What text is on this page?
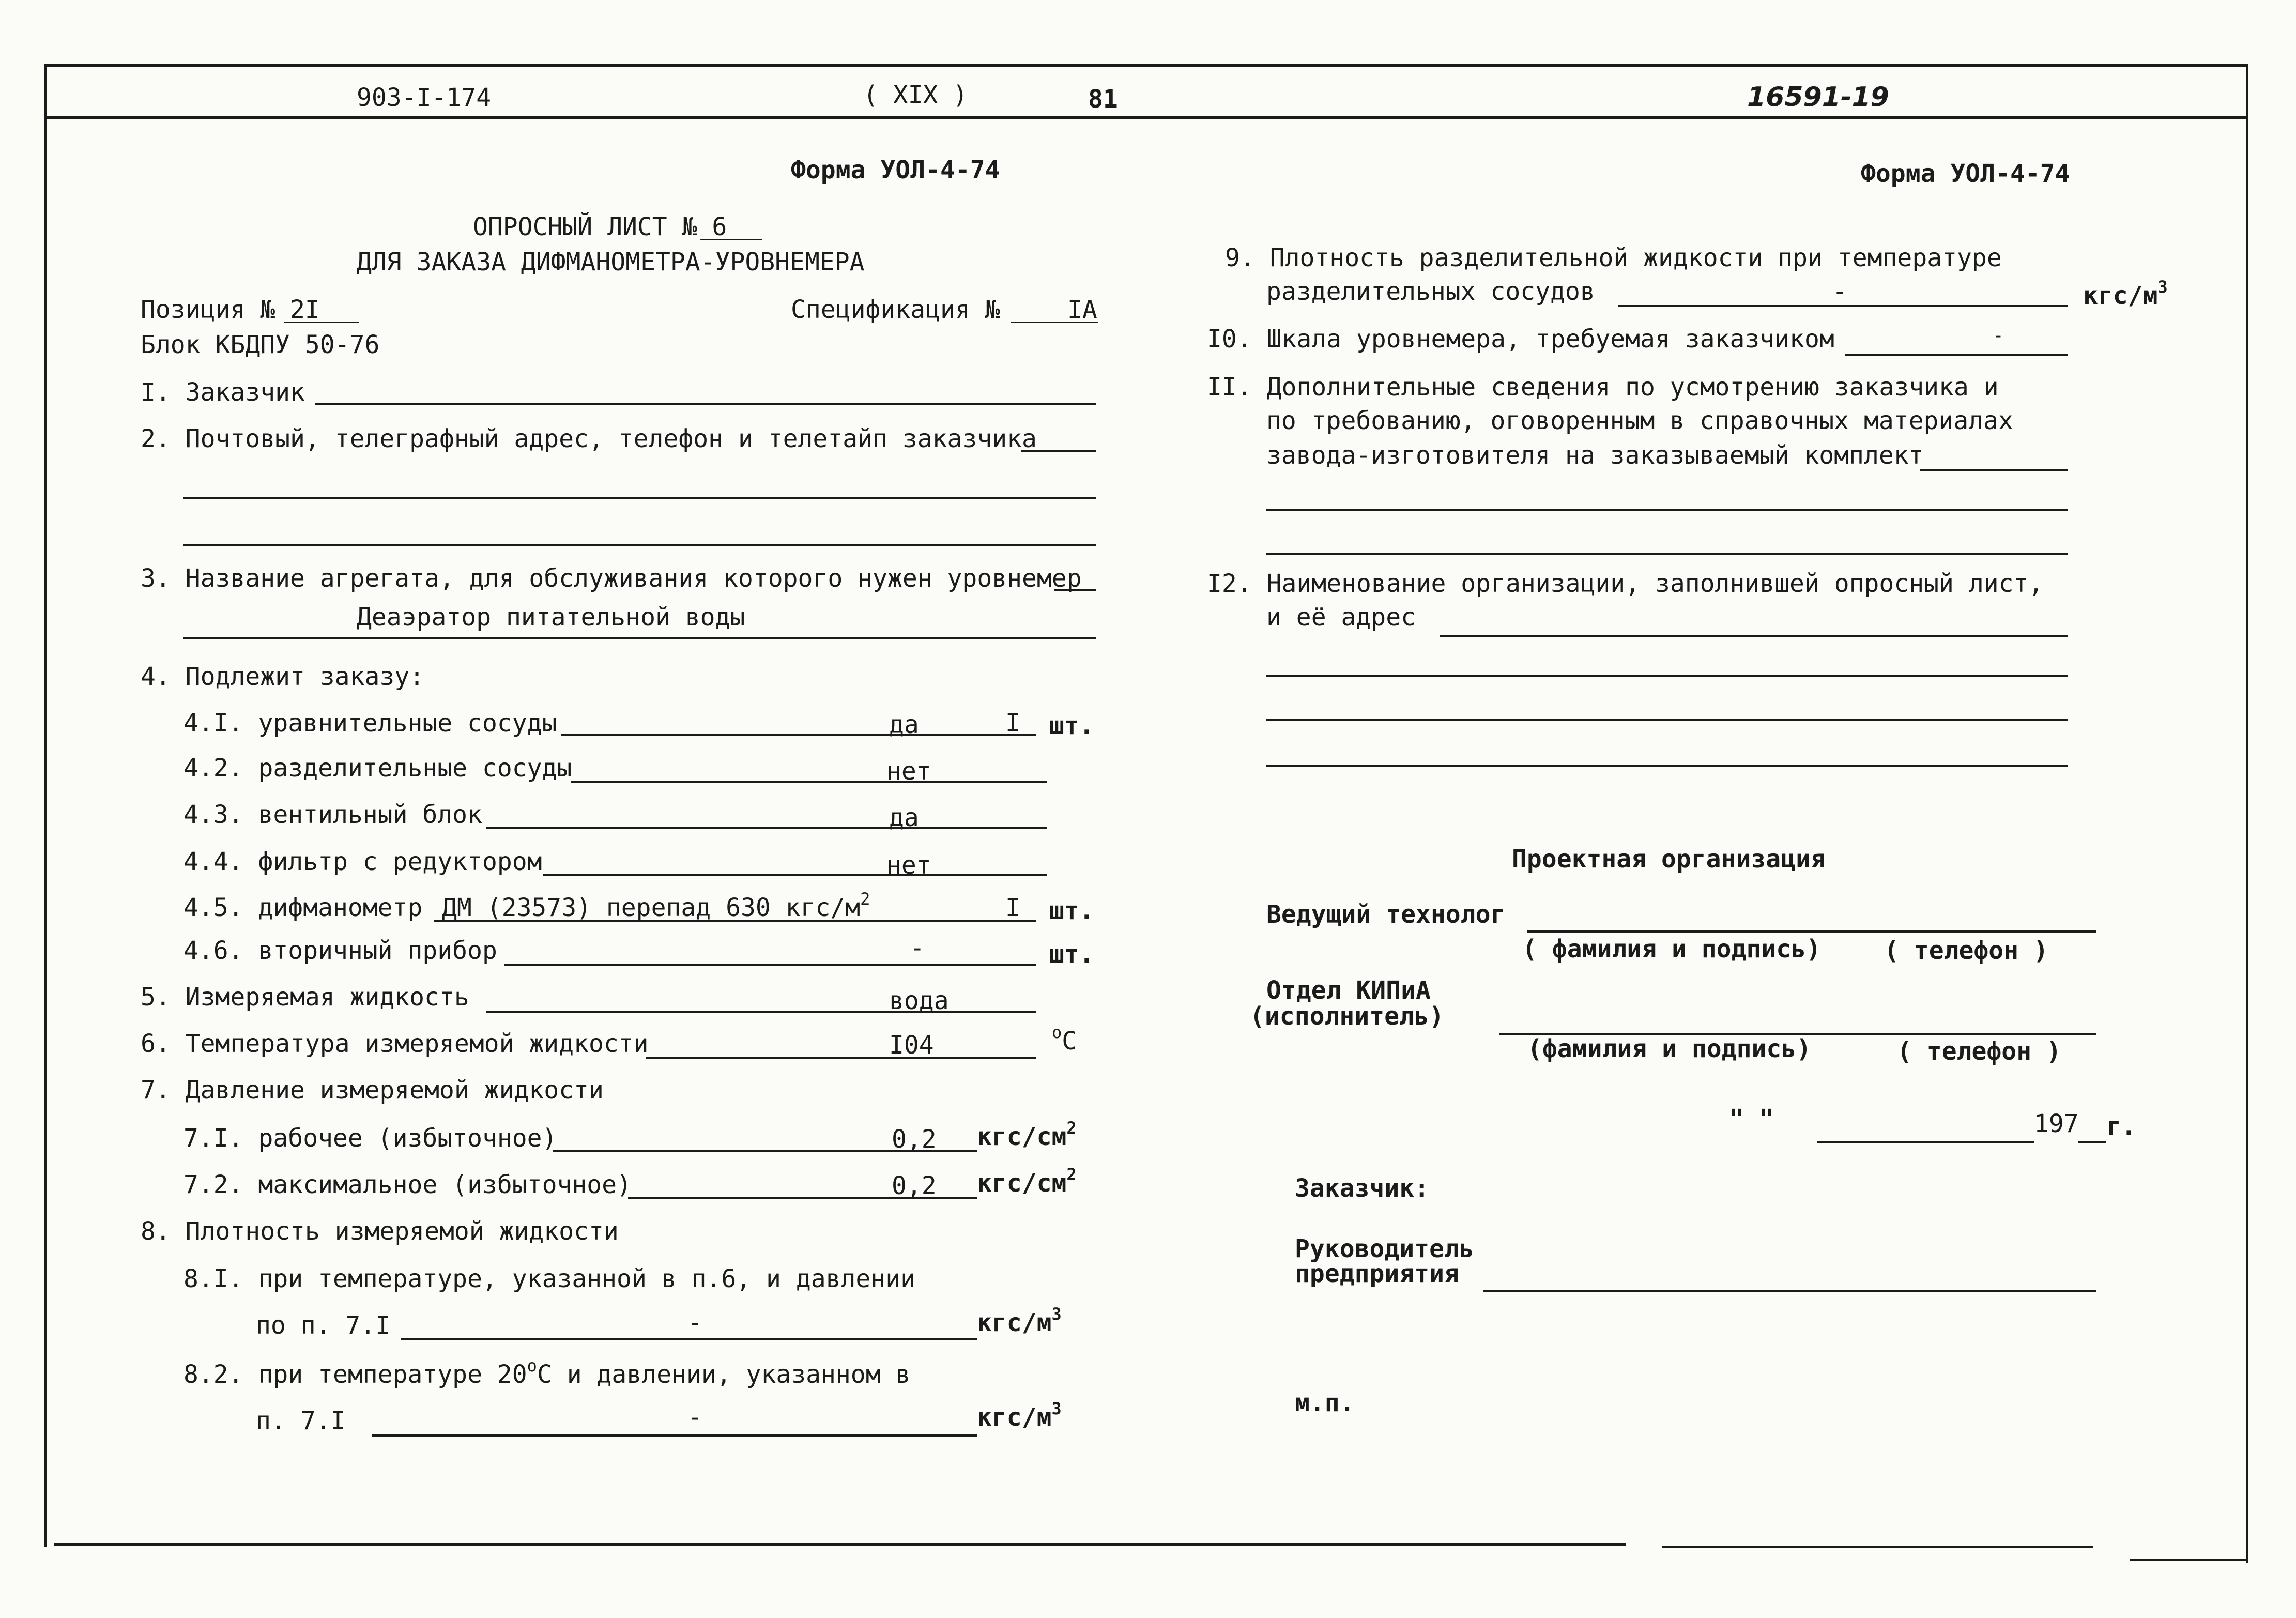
903-I-174	( XIX )	81	16591-19
Форма УОЛ-4-74
ОПРОСНЫЙ ЛИСТ № 6
ДЛЯ ЗАКАЗА ДИФМАНОМЕТРА-УРОВНЕМЕРА
Позиция № 2I	Спецификация №	IA
Блок КБДПУ 50-76
I. Заказчик
2. Почтовый, телеграфный адрес, телефон и телетайп заказчика
3. Название агрегата, для обслуживания которого нужен уровнемер
Деаэратор питательной воды
4. Подлежит заказу:
4.I. уравнительные сосуды	да	I шт.
4.2. разделительные сосуды	нет
4.3. вентильный блок	да
4.4. фильтр с редуктором	нет
4.5. дифманометр ДМ (23573) перепад 630 кгс/$м^2$	I шт.
4.6. вторичный прибор	-	шт.
5. Измеряемая жидкость	вода
6. Температура измеряемой жидкости	I04	$^o$C
7. Давление измеряемой жидкости
7.I. рабочее (избыточное)	0,2 кгс/$см^2$
7.2. максимальное (избыточное)	0,2 кгс/$см^2$
8. Плотность измеряемой жидкости
8.I. при температуре, указанной в п.6, и давлении
по п. 7.I	-	кгс/$м^3$
8.2. при температуре 20$^o$C и давлении, указанном в
п. 7.I	-	кгс/$м^3$
Форма УОЛ-4-74
9. Плотность разделительной жидкости при температуре
разделительных сосудов	-	кгс/$м^3$
I0. Шкала уровнемера, требуемая заказчиком	-
II. Дополнительные сведения по усмотрению заказчика и
по требованию, оговоренным в справочных материалах
завода-изготовителя на заказываемый комплект
I2. Наименование организации, заполнившей опросный лист,
и её адрес
Проектная организация
Ведущий технолог
( фамилия и подпись)	( телефон )
Отдел КИПиА
(исполнитель)
(фамилия и подпись)	( телефон )
" "	197 г.
Заказчик:
Руководитель
предприятия
м.п.
